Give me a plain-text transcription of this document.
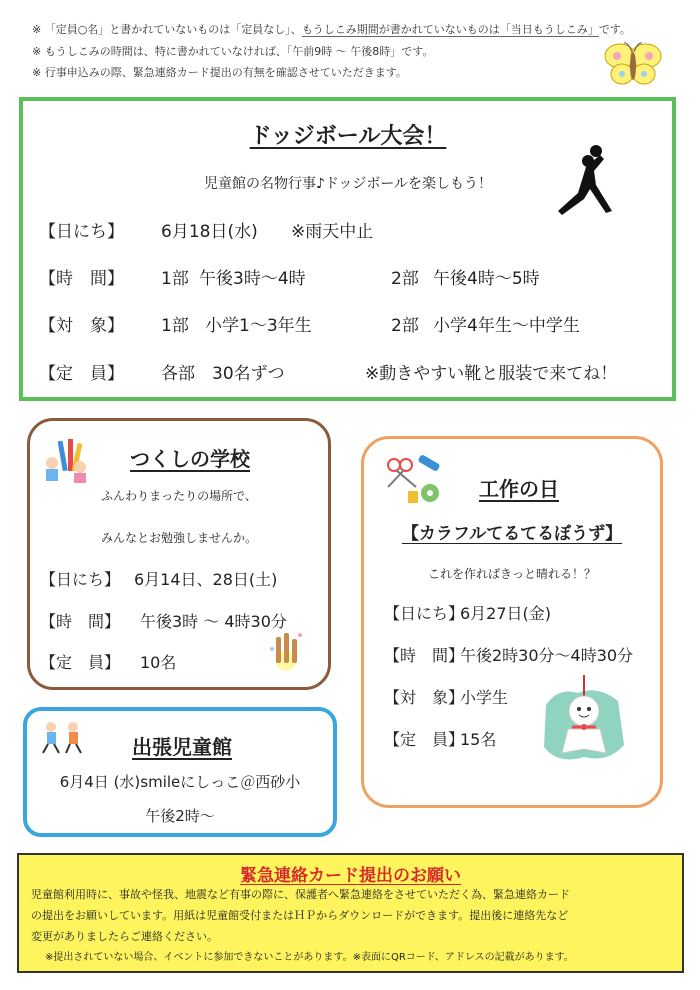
※ 「定員○名」と書かれていないものは「定員なし」、もうしこみ期間が書かれていないものは「当日もうしこみ」です。
※ もうしこみの時間は、特に書かれていなければ、「午前9時 ～ 午後8時」です。
※ 行事申込みの際、緊急連絡カード提出の有無を確認させていただきます。
ドッジボール大会！
児童館の名物行事♪ドッジボールを楽しもう！
【日にち】 6月18日(水) ※雨天中止
【時　間】 1部 午後3時～4時	2部 午後4時～5時
【対　象】 1部 小学1～3年生	2部 小学4年生～中学生
【定　員】 各部　30名ずつ	※動きやすい靴と服装で来てね！
つくしの学校
ふんわりまったりの場所で、
みんなとお勉強しませんか。
【日にち】 6月14日、28日(土)
【時　間】 午後3時 ～ 4時30分
【定　員】 10名
出張児童館
6月4日 (水)smileにしっこ＠西砂小
午後2時～
工作の日
【カラフルてるてるぼうず】
これを作ればきっと晴れる！？
【日にち】
6月27日(金)
【時　間】
午後2時30分～4時30分
【対　象】
小学生
【定　員】
15名
緊急連絡カード提出のお願い
児童館利用時に、事故や怪我、地震など有事の際に、保護者へ緊急連絡をさせていただく為、緊急連絡カード
の提出をお願いしています。用紙は児童館受付またはＨＰからダウンロードができます。提出後に連絡先など
変更がありましたらご連絡ください。
※提出されていない場合、イベントに参加できないことがあります。※表面にQRコード、アドレスの記載があります。
